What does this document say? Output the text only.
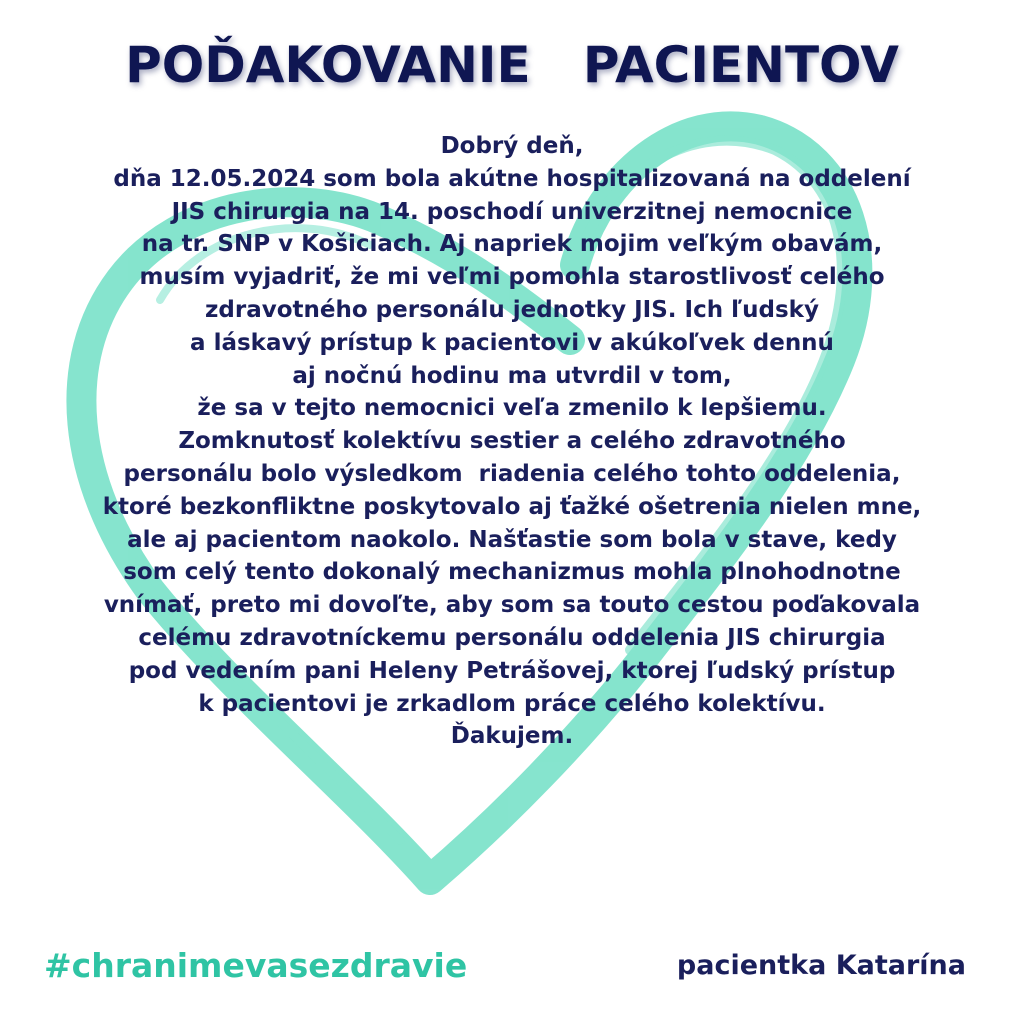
POĎAKOVANIE   PACIENTOV
Dobrý deň,
dňa 12.05.2024 som bola akútne hospitalizovaná na oddelení
JIS chirurgia na 14. poschodí univerzitnej nemocnice
na tr. SNP v Košiciach. Aj napriek mojim veľkým obavám,
musím vyjadriť, že mi veľmi pomohla starostlivosť celého
zdravotného personálu jednotky JIS. Ich ľudský
a láskavý prístup k pacientovi v akúkoľvek dennú
aj nočnú hodinu ma utvrdil v tom,
že sa v tejto nemocnici veľa zmenilo k lepšiemu.
Zomknutosť kolektívu sestier a celého zdravotného
personálu bolo výsledkom  riadenia celého tohto oddelenia,
ktoré bezkonfliktne poskytovalo aj ťažké ošetrenia nielen mne,
ale aj pacientom naokolo. Našťastie som bola v stave, kedy
som celý tento dokonalý mechanizmus mohla plnohodnotne
vnímať, preto mi dovoľte, aby som sa touto cestou poďakovala
celému zdravotníckemu personálu oddelenia JIS chirurgia
pod vedením pani Heleny Petrášovej, ktorej ľudský prístup
k pacientovi je zrkadlom práce celého kolektívu.
Ďakujem.
#chranimevasezdravie	pacientka Katarína
